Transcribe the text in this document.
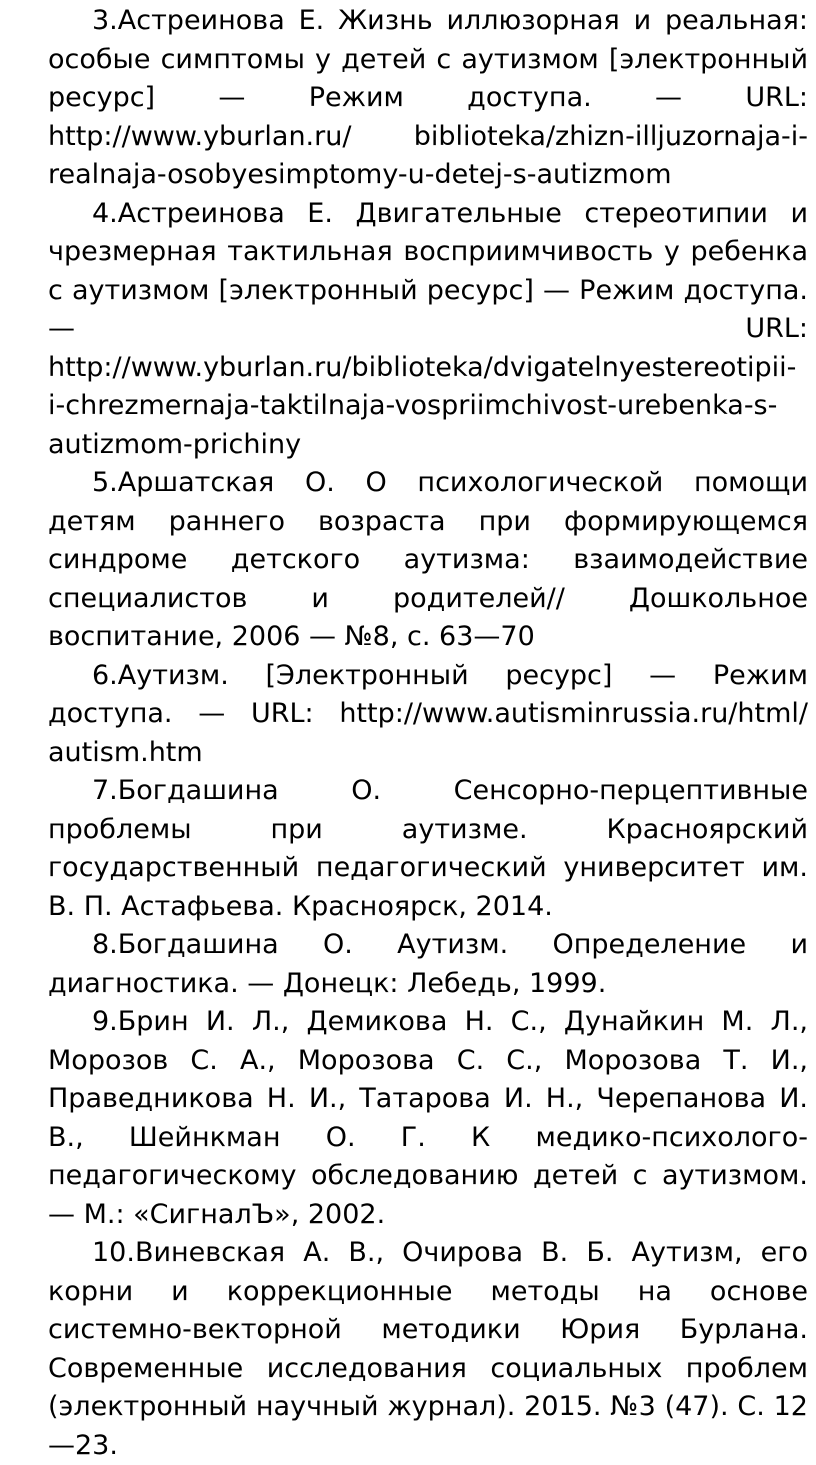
3.Астреинова Е. Жизнь иллюзорная и реальная: особые симптомы у детей с аутизмом [электронный ресурс] — Режим доступа. — URL: http://www.yburlan.ru/ biblioteka/zhizn-illjuzornaja-i-realnaja-osobyesimptomy-u-detej-s-autizmom

4.Астреинова Е. Двигательные стереотипии и чрезмерная тактильная восприимчивость у ребенка с аутизмом [электронный ресурс] — Режим доступа. — URL: http://www.yburlan.ru/biblioteka/dvigatelnyestereotipii-i-chrezmernaja-taktilnaja-vospriimchivost-urebenka-s-autizmom-prichiny

5.Аршатская О. О психологической помощи детям раннего возраста при формирующемся синдроме детского аутизма: взаимодействие специалистов и родителей// Дошкольное воспитание, 2006 — №8, с. 63—70

6.Аутизм. [Электронный ресурс] — Режим доступа. — URL: http://www.autisminrussia.ru/html/ autism.htm

7.Богдашина О. Сенсорно-перцептивные проблемы при аутизме. Красноярский государственный педагогический университет им. В. П. Астафьева. Красноярск, 2014.

8.Богдашина О. Аутизм. Определение и диагностика. — Донецк: Лебедь, 1999.

9.Брин И. Л., Демикова Н. С., Дунайкин М. Л., Морозов С. А., Морозова С. С., Морозова Т. И., Праведникова Н. И., Татарова И. Н., Черепанова И. В., Шейнкман О. Г. К медико-психолого-педагогическому обследованию детей с аутизмом. — М.: «СигналЪ», 2002.

10.Виневская А. В., Очирова В. Б. Аутизм, его корни и коррекционные методы на основе системно-векторной методики Юрия Бурлана. Современные исследования социальных проблем (электронный научный журнал). 2015. №3 (47). С. 12—23.
